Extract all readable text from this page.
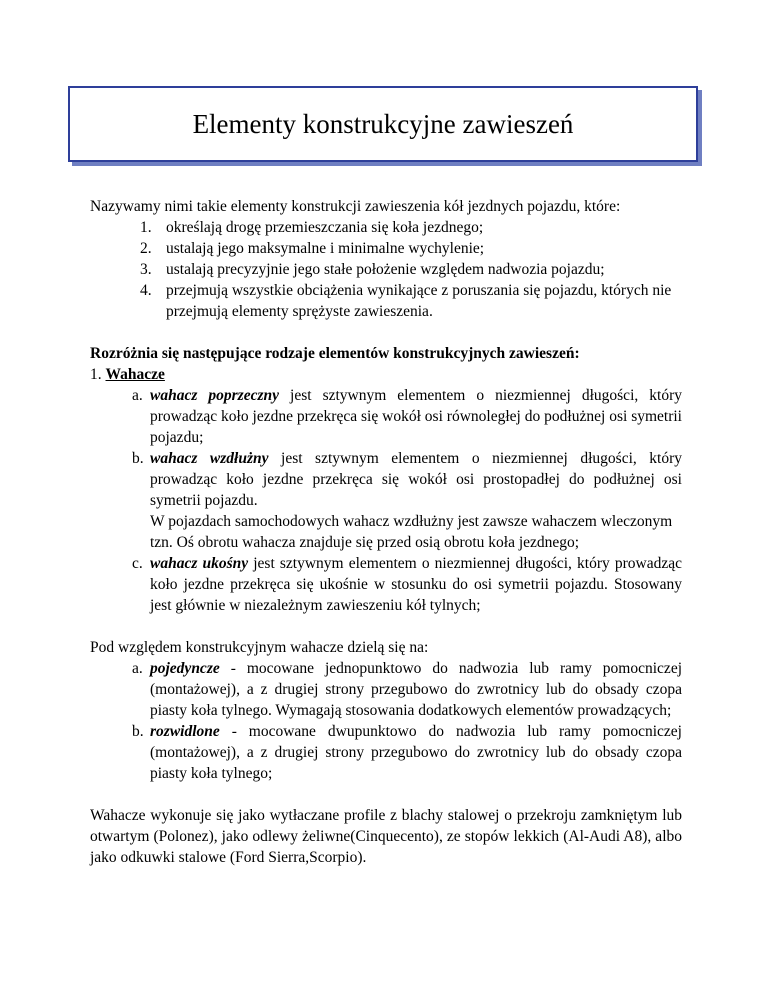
Elementy konstrukcyjne zawieszeń

Nazywamy nimi takie elementy konstrukcji zawieszenia kół jezdnych pojazdu, które:

1. określają drogę przemieszczania się koła jezdnego;
2. ustalają jego maksymalne i minimalne wychylenie;
3. ustalają precyzyjnie jego stałe położenie względem nadwozia pojazdu;
4. przejmują wszystkie obciążenia wynikające z poruszania się pojazdu, których nie przejmują elementy sprężyste zawieszenia.

Rozróżnia się następujące rodzaje elementów konstrukcyjnych zawieszeń:

1. Wahacze

a. wahacz poprzeczny jest sztywnym elementem o niezmiennej długości, który prowadząc koło jezdne przekręca się wokół osi równoległej do podłużnej osi symetrii pojazdu;
b. wahacz wzdłużny jest sztywnym elementem o niezmiennej długości, który prowadząc koło jezdne przekręca się wokół osi prostopadłej do podłużnej osi symetrii pojazdu.
W pojazdach samochodowych wahacz wzdłużny jest zawsze wahaczem wleczonym tzn. Oś obrotu wahacza znajduje się przed osią obrotu koła jezdnego;
c. wahacz ukośny jest sztywnym elementem o niezmiennej długości, który prowadząc koło jezdne przekręca się ukośnie w stosunku do osi symetrii pojazdu. Stosowany jest głównie w niezależnym zawieszeniu kół tylnych;

Pod względem konstrukcyjnym wahacze dzielą się na:

a. pojedyncze - mocowane jednopunktowo do nadwozia lub ramy pomocniczej (montażowej), a z drugiej strony przegubowo do zwrotnicy lub do obsady czopa piasty koła tylnego. Wymagają stosowania dodatkowych elementów prowadzących;
b. rozwidlone - mocowane dwupunktowo do nadwozia lub ramy pomocniczej (montażowej), a z drugiej strony przegubowo do zwrotnicy lub do obsady czopa piasty koła tylnego;

Wahacze wykonuje się jako wytłaczane profile z blachy stalowej o przekroju zamkniętym lub otwartym (Polonez), jako odlewy żeliwne(Cinquecento), ze stopów lekkich (Al-Audi A8), albo jako odkuwki stalowe (Ford Sierra,Scorpio).
